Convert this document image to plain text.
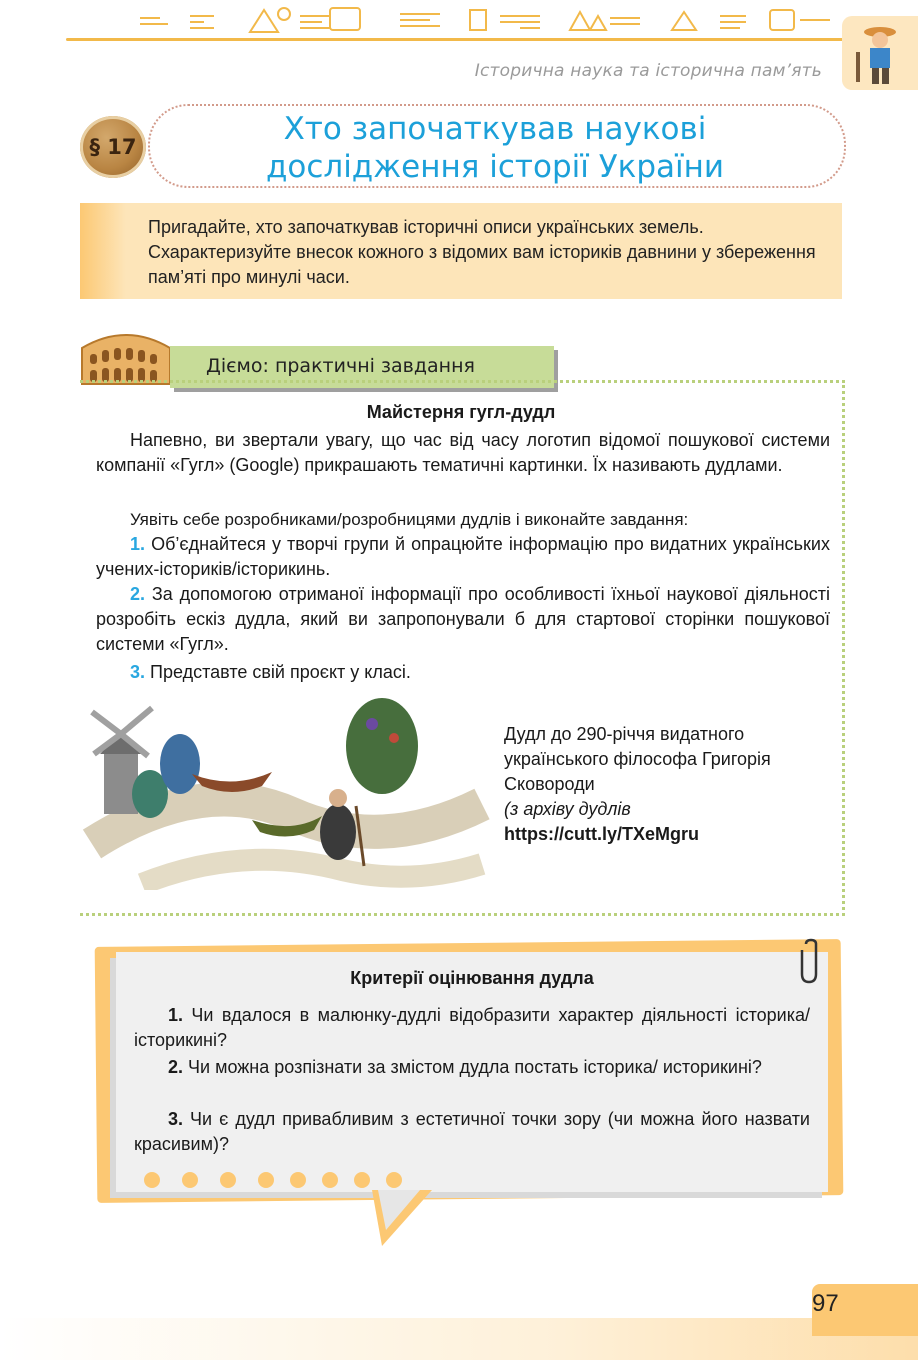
Історична наука та історична пам’ять
§ 17	Хто започаткував наукові
дослідження історії України

Пригадайте, хто започаткував історичні описи українських земель. Схарактеризуйте внесок кожного з відомих вам істориків давнини у збереження пам’яті про минулі часи.

Діємо: практичні завдання
Майстерня гугл-дудл

Напевно, ви звертали увагу, що час від часу логотип відомої пошукової системи компанії «Гугл» (Google) прикрашають тематичні картинки. Їх називають дудлами.

Уявіть себе розробниками/розробницями дудлів і виконайте завдання:

1. Об’єднайтеся у творчі групи й опрацюйте інформацію про видатних українських учених-істориків/історикинь.

2. За допомогою отриманої інформації про особливості їхньої наукової діяльності розробіть ескіз дудла, який ви запропонували б для стартової сторінки пошукової системи «Гугл».

3. Представте свій проєкт у класі.

Дудл до 290-річчя видатного українського філософа Григорія Сковороди
(з архіву дудлів
https://cutt.ly/TXeMgru
Критерії оцінювання дудла

1. Чи вдалося в малюнку-дудлі відобразити характер діяльності історика/історикині?

2. Чи можна розпізнати за змістом дудла постать історика/ историкині?

3. Чи є дудл привабливим з естетичної точки зору (чи можна його назвати красивим)?

97
